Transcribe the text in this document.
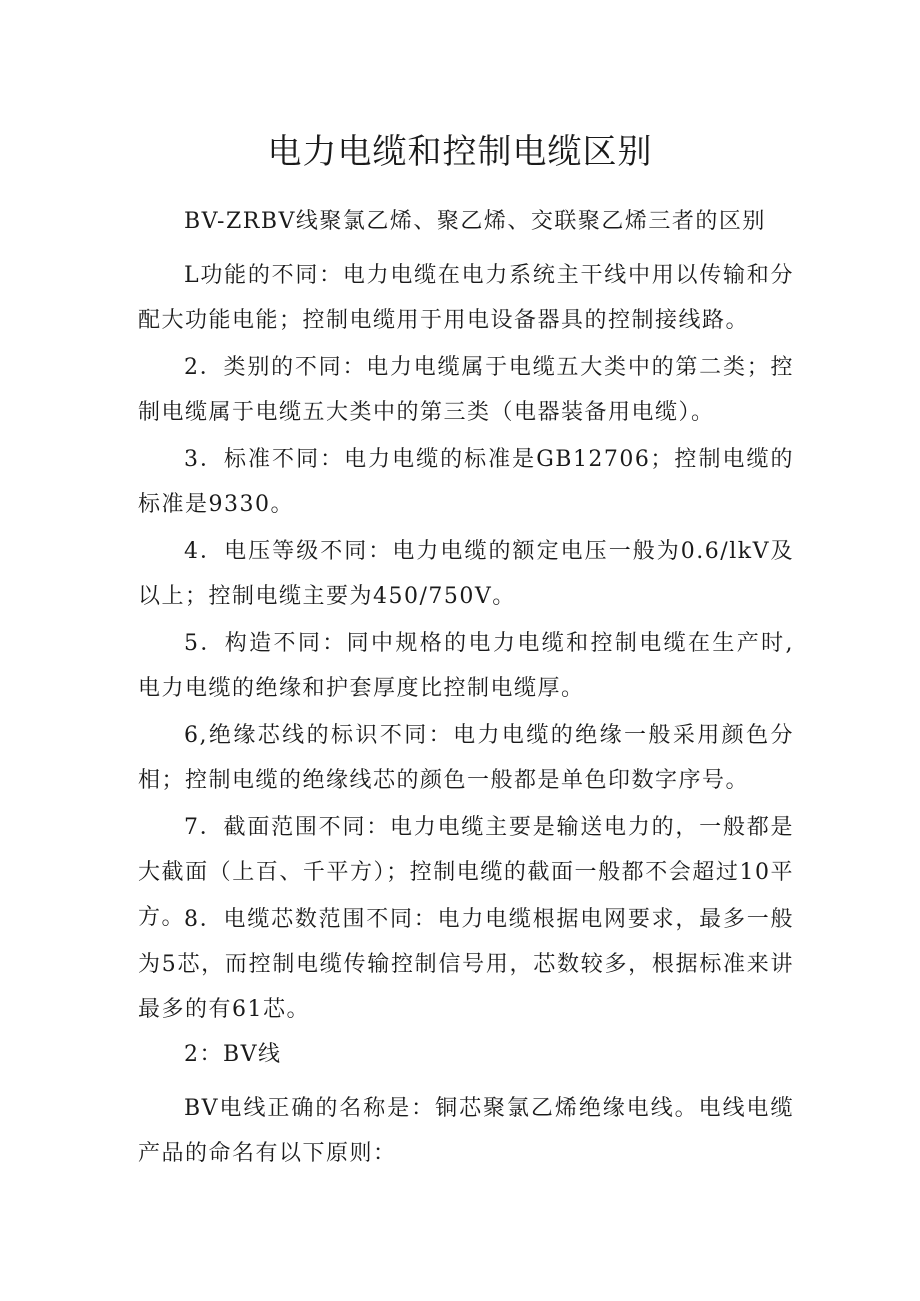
电力电缆和控制电缆区别

BV-ZRBV线聚氯乙烯、聚乙烯、交联聚乙烯三者的区别

L功能的不同：电力电缆在电力系统主干线中用以传输和分配大功能电能；控制电缆用于用电设备器具的控制接线路。

2．类别的不同：电力电缆属于电缆五大类中的第二类；控制电缆属于电缆五大类中的第三类（电器装备用电缆）。

3．标准不同：电力电缆的标准是GB12706；控制电缆的标准是9330。

4．电压等级不同：电力电缆的额定电压一般为0.6/lkV及以上；控制电缆主要为450/750V。

5．构造不同：同中规格的电力电缆和控制电缆在生产时,电力电缆的绝缘和护套厚度比控制电缆厚。

6,绝缘芯线的标识不同：电力电缆的绝缘一般采用颜色分相；控制电缆的绝缘线芯的颜色一般都是单色印数字序号。

7．截面范围不同：电力电缆主要是输送电力的，一般都是大截面（上百、千平方）；控制电缆的截面一般都不会超过10平方。

8．电缆芯数范围不同：电力电缆根据电网要求，最多一般为5芯，而控制电缆传输控制信号用，芯数较多，根据标准来讲最多的有61芯。

2：BV线

BV电线正确的名称是：铜芯聚氯乙烯绝缘电线。电线电缆产品的命名有以下原则：
